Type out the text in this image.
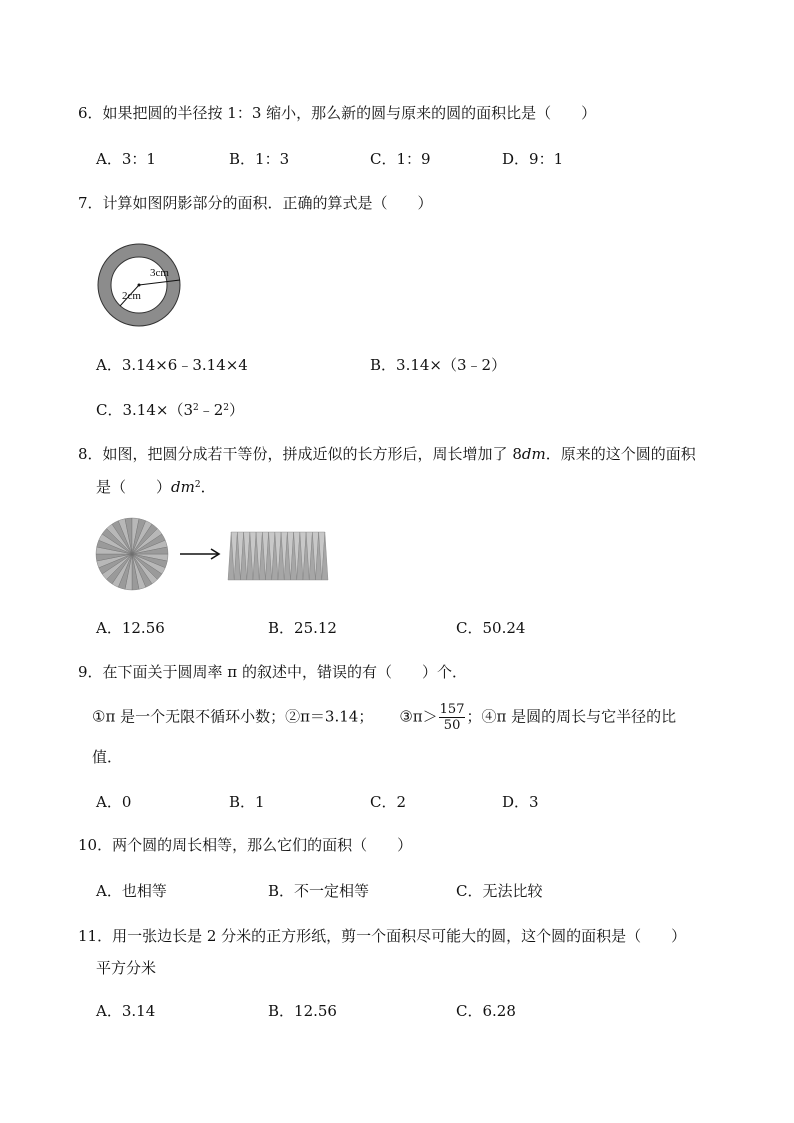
6．如果把圆的半径按 1：3 缩小，那么新的圆与原来的圆的面积比是（　　）
A．3：1	B．1：3	C．1：9	D．9：1
7．计算如图阴影部分的面积．正确的算式是（　　）
3cm
2cm
A．3.14×6﹣3.14×4	B．3.14×（3﹣2）
C．$3.14\times(3^2﹣2^2)$
8．如图，把圆分成若干等份，拼成近似的长方形后，周长增加了 8dm．原来的这个圆的面积
是（　　）$dm^2$．
A．12.56	B．25.12	C．50.24
9．在下面关于圆周率 π 的叙述中，错误的有（　　）个．
①π 是一个无限不循环小数；②π＝3.14； ③π＞ $\frac{157}{50}$ ；④π 是圆的周长与它半径的比
值．
A．0	B．1	C．2	D．3
10．两个圆的周长相等，那么它们的面积（　　）
A．也相等	B．不一定相等	C．无法比较
11．用一张边长是 2 分米的正方形纸，剪一个面积尽可能大的圆，这个圆的面积是（　　）
平方分米
A．3.14	B．12.56	C．6.28
